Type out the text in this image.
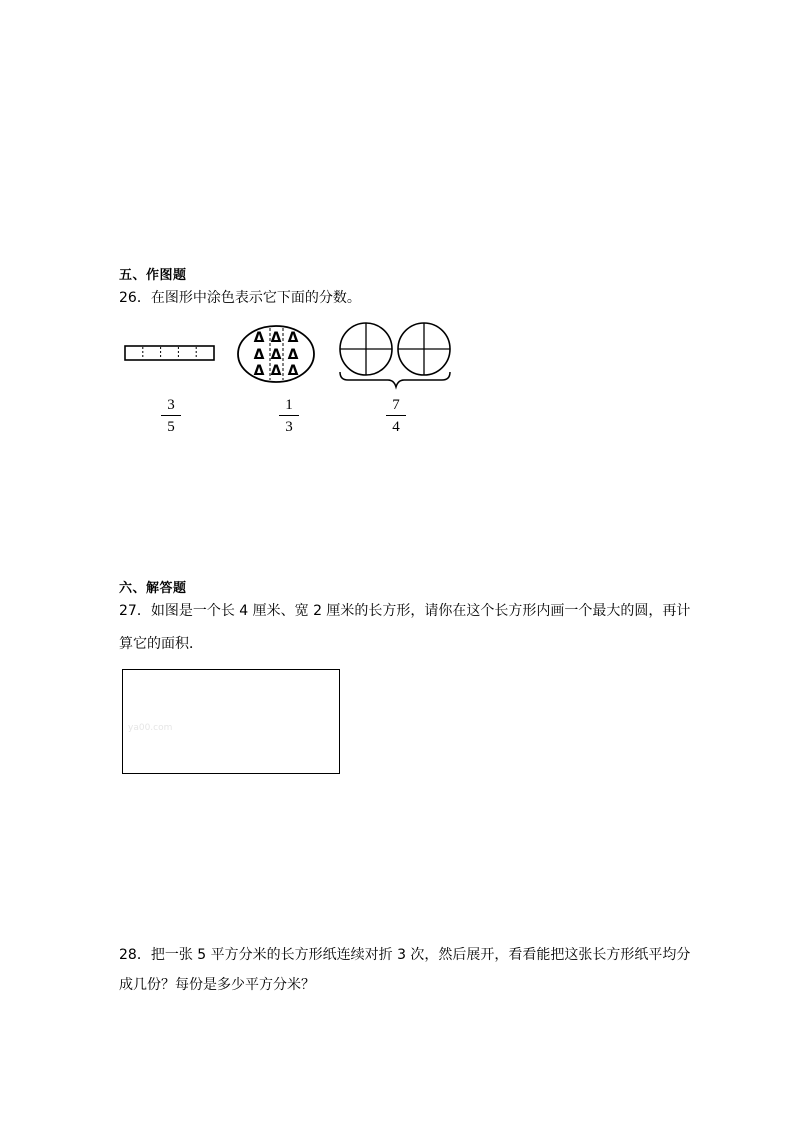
五、作图题
26．在图形中涂色表示它下面的分数。
Δ Δ Δ
Δ Δ Δ
Δ Δ Δ
3
5
1
3
7
4
六、解答题
27．如图是一个长 4 厘米、宽 2 厘米的长方形，请你在这个长方形内画一个最大的圆，再计
算它的面积．
ya00.com
28．把一张 5 平方分米的长方形纸连续对折 3 次，然后展开，看看能把这张长方形纸平均分
成几份？每份是多少平方分米？
